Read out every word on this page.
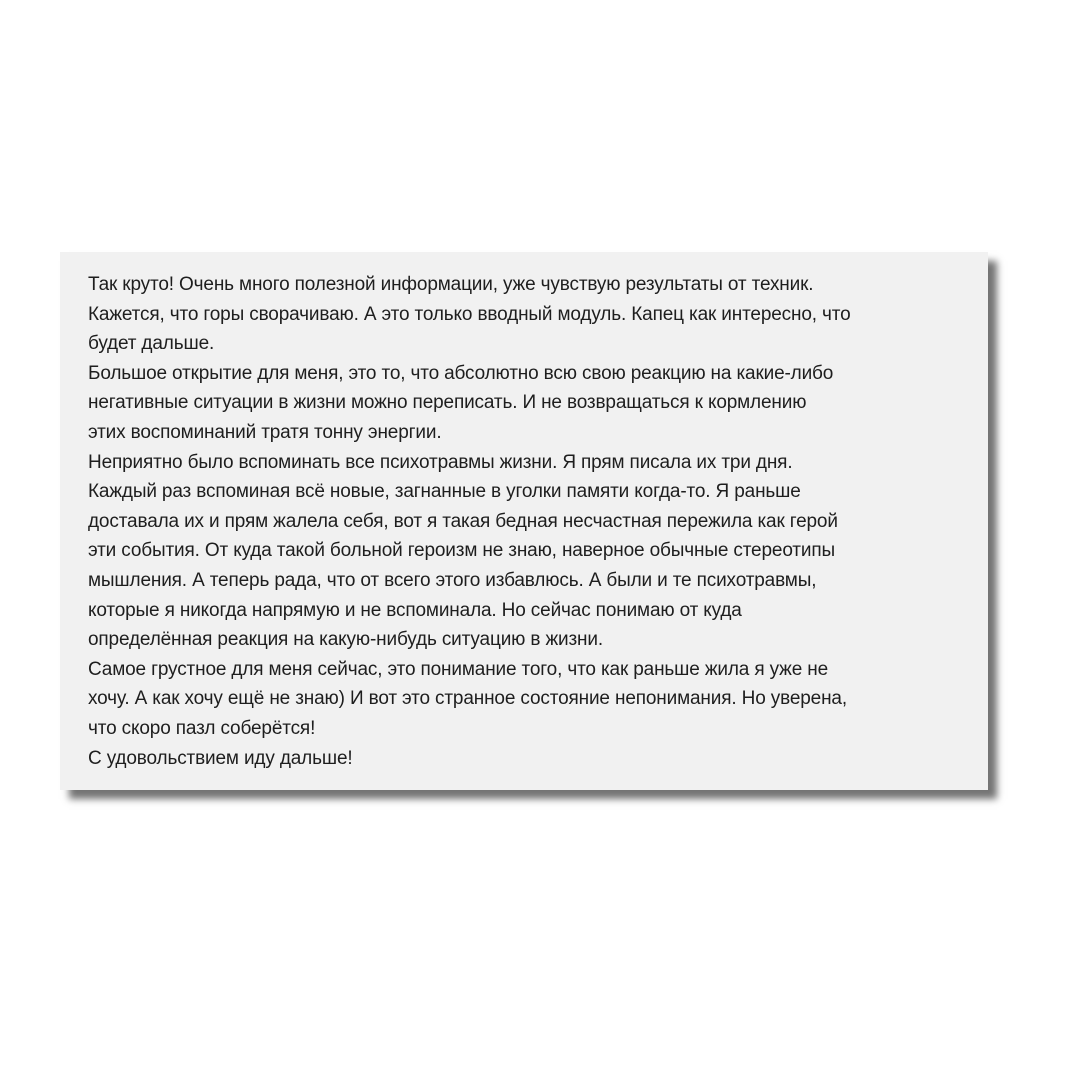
Так круто! Очень много полезной информации, уже чувствую результаты от техник.
Кажется, что горы сворачиваю. А это только вводный модуль. Капец как интересно, что
будет дальше.
Большое открытие для меня, это то, что абсолютно всю свою реакцию на какие-либо
негативные ситуации в жизни можно переписать. И не возвращаться к кормлению
этих воспоминаний тратя тонну энергии.
Неприятно было вспоминать все психотравмы жизни. Я прям писала их три дня.
Каждый раз вспоминая всё новые, загнанные в уголки памяти когда-то. Я раньше
доставала их и прям жалела себя, вот я такая бедная несчастная пережила как герой
эти события. От куда такой больной героизм не знаю, наверное обычные стереотипы
мышления. А теперь рада, что от всего этого избавлюсь. А были и те психотравмы,
которые я никогда напрямую и не вспоминала. Но сейчас понимаю от куда
определённая реакция на какую-нибудь ситуацию в жизни.
Самое грустное для меня сейчас, это понимание того, что как раньше жила я уже не
хочу. А как хочу ещё не знаю) И вот это странное состояние непонимания. Но уверена,
что скоро пазл соберётся!
С удовольствием иду дальше!
